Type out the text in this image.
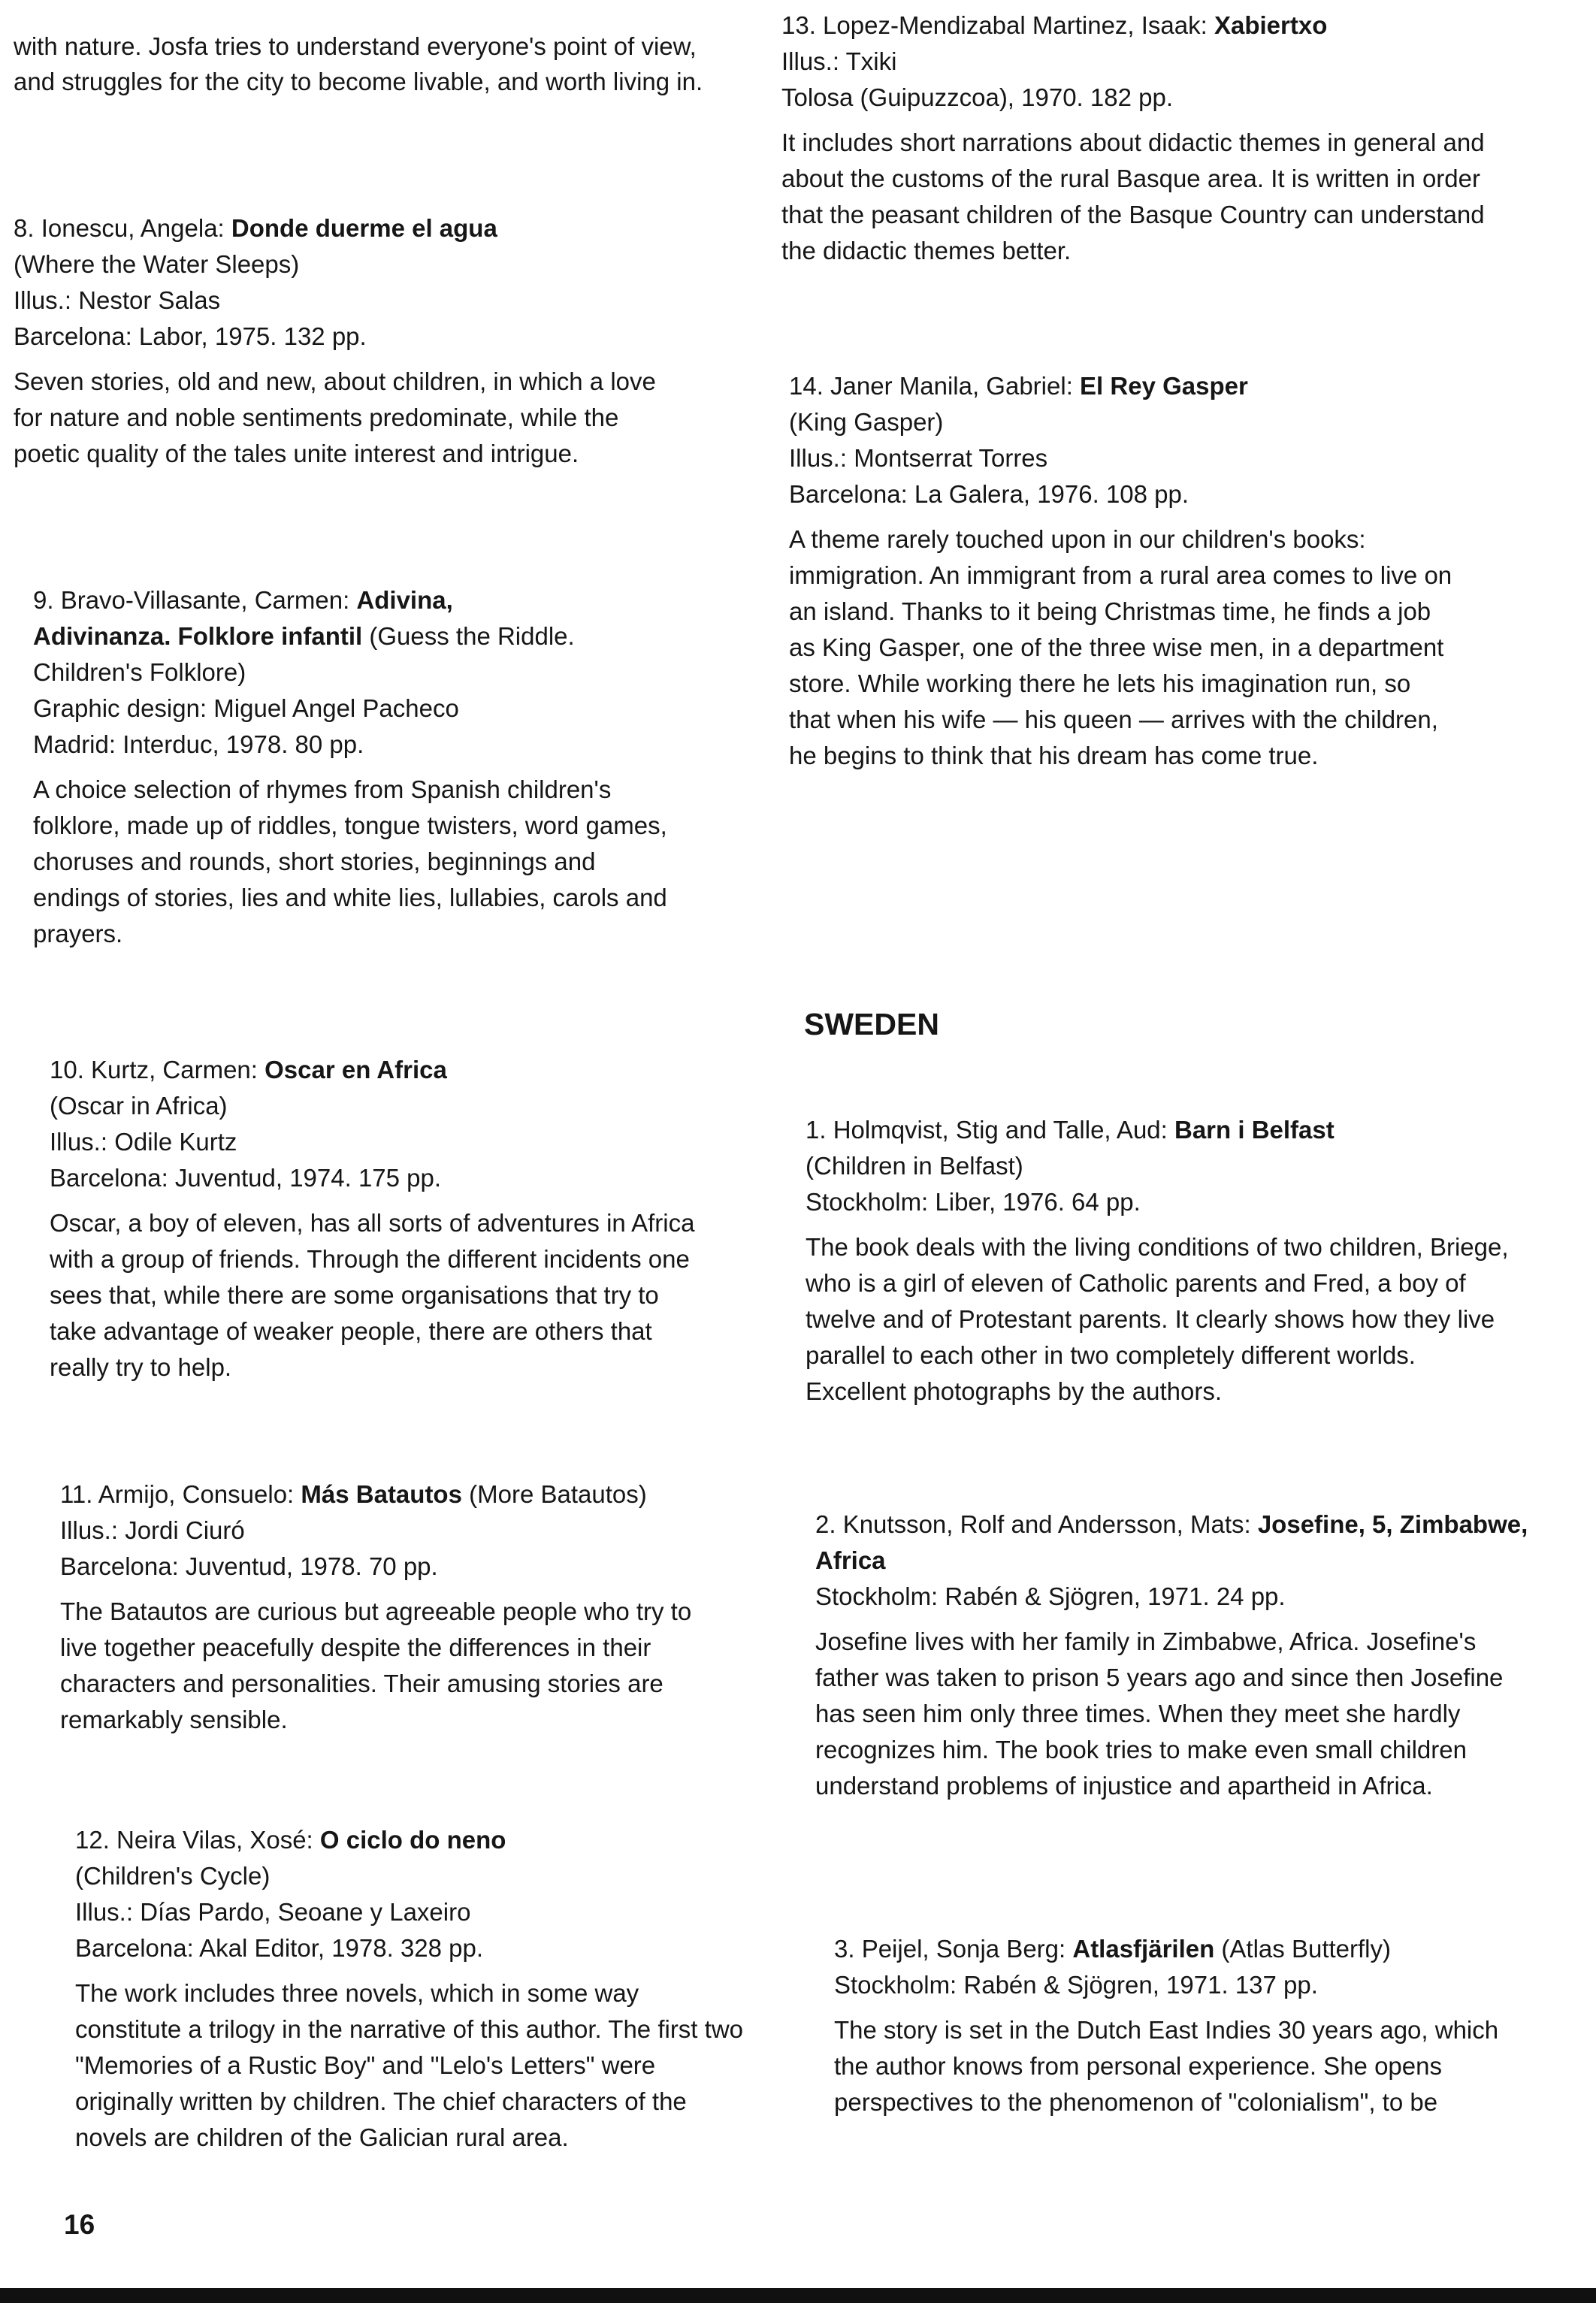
with nature. Josfa tries to understand everyone's point of view, and struggles for the city to become livable, and worth living in.

8. Ionescu, Angela: Donde duerme el agua

(Where the Water Sleeps)

Illus.: Nestor Salas

Barcelona: Labor, 1975. 132 pp.

Seven stories, old and new, about children, in which a love for nature and noble sentiments predominate, while the poetic quality of the tales unite interest and intrigue.

9. Bravo-Villasante, Carmen: Adivina,

Adivinanza. Folklore infantil (Guess the Riddle. Children's Folklore)

Graphic design: Miguel Angel Pacheco

Madrid: Interduc, 1978. 80 pp.

A choice selection of rhymes from Spanish children's folklore, made up of riddles, tongue twisters, word games, choruses and rounds, short stories, beginnings and endings of stories, lies and white lies, lullabies, carols and prayers.

10. Kurtz, Carmen: Oscar en Africa

(Oscar in Africa)

Illus.: Odile Kurtz

Barcelona: Juventud, 1974. 175 pp.

Oscar, a boy of eleven, has all sorts of adventures in Africa with a group of friends. Through the different incidents one sees that, while there are some organisations that try to take advantage of weaker people, there are others that really try to help.

11. Armijo, Consuelo: Más Batautos (More Batautos)

Illus.: Jordi Ciuró

Barcelona: Juventud, 1978. 70 pp.

The Batautos are curious but agreeable people who try to live together peacefully despite the differences in their characters and personalities. Their amusing stories are remarkably sensible.

12. Neira Vilas, Xosé: O ciclo do neno

(Children's Cycle)

Illus.: Días Pardo, Seoane y Laxeiro

Barcelona: Akal Editor, 1978. 328 pp.

The work includes three novels, which in some way constitute a trilogy in the narrative of this author. The first two "Memories of a Rustic Boy" and "Lelo's Letters" were originally written by children. The chief characters of the novels are children of the Galician rural area.

13. Lopez-Mendizabal Martinez, Isaak: Xabiertxo

Illus.: Txiki

Tolosa (Guipuzzcoa), 1970. 182 pp.

It includes short narrations about didactic themes in general and about the customs of the rural Basque area. It is written in order that the peasant children of the Basque Country can understand the didactic themes better.

14. Janer Manila, Gabriel: El Rey Gasper

(King Gasper)

Illus.: Montserrat Torres

Barcelona: La Galera, 1976. 108 pp.

A theme rarely touched upon in our children's books: immigration. An immigrant from a rural area comes to live on an island. Thanks to it being Christmas time, he finds a job as King Gasper, one of the three wise men, in a department store. While working there he lets his imagination run, so that when his wife — his queen — arrives with the children, he begins to think that his dream has come true.

SWEDEN

1. Holmqvist, Stig and Talle, Aud: Barn i Belfast

(Children in Belfast)

Stockholm: Liber, 1976. 64 pp.

The book deals with the living conditions of two children, Briege, who is a girl of eleven of Catholic parents and Fred, a boy of twelve and of Protestant parents. It clearly shows how they live parallel to each other in two completely different worlds. Excellent photographs by the authors.

2. Knutsson, Rolf and Andersson, Mats: Josefine, 5, Zimbabwe, Africa

Stockholm: Rabén & Sjögren, 1971. 24 pp.

Josefine lives with her family in Zimbabwe, Africa. Josefine's father was taken to prison 5 years ago and since then Josefine has seen him only three times. When they meet she hardly recognizes him. The book tries to make even small children understand problems of injustice and apartheid in Africa.

3. Peijel, Sonja Berg: Atlasfjärilen (Atlas Butterfly)

Stockholm: Rabén & Sjögren, 1971. 137 pp.

The story is set in the Dutch East Indies 30 years ago, which the author knows from personal experience. She opens perspectives to the phenomenon of "colonialism", to be

16
